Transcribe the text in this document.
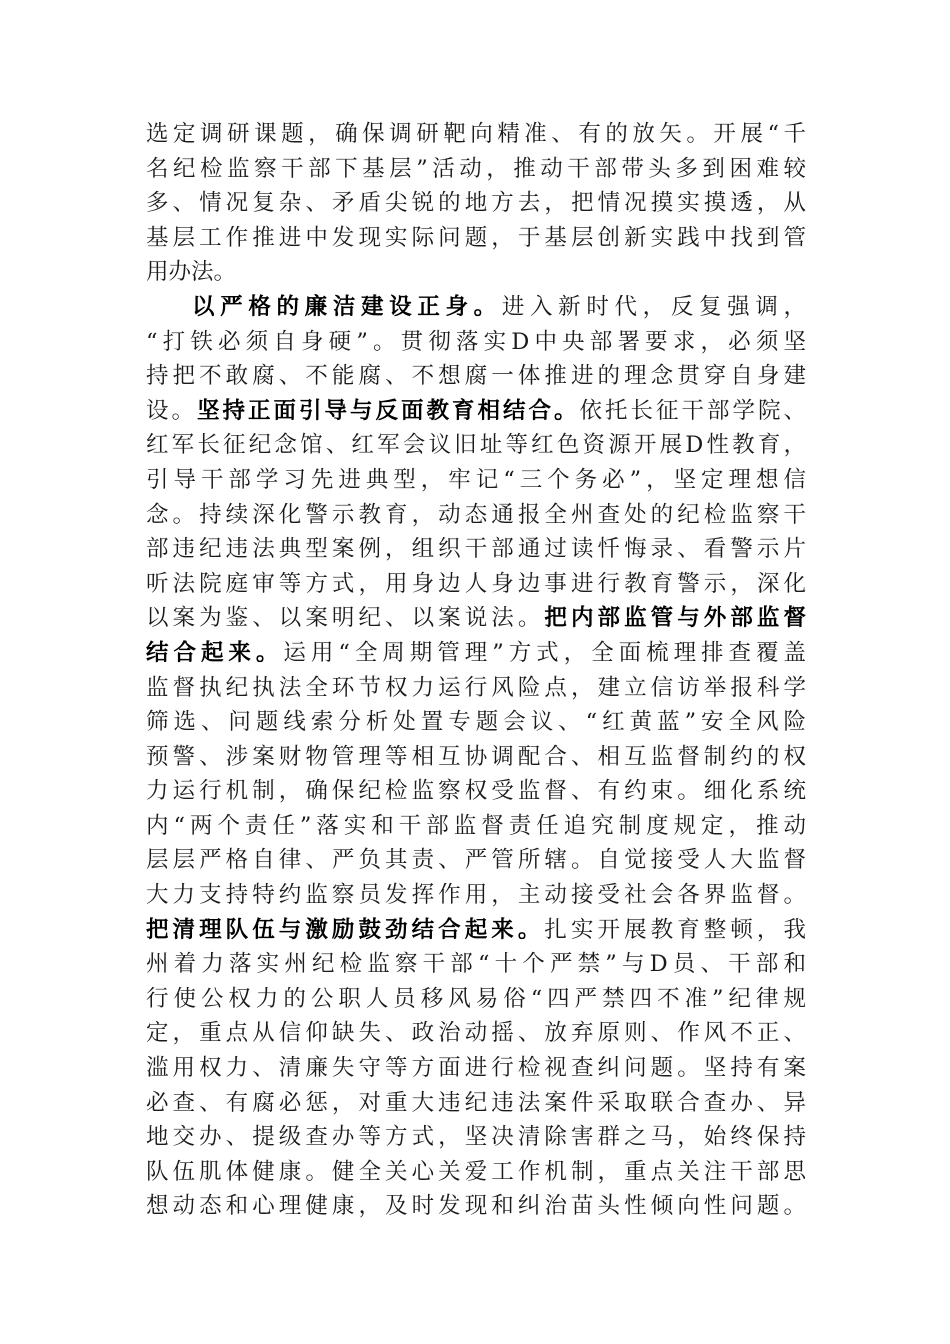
选定调研课题，确保调研靶向精准、有的放矢。开展“千
名纪检监察干部下基层”活动，推动干部带头多到困难较
多、情况复杂、矛盾尖锐的地方去，把情况摸实摸透，从
基层工作推进中发现实际问题，于基层创新实践中找到管
用办法。
以严格的廉洁建设正身。进入新时代，反复强调，
“打铁必须自身硬”。贯彻落实D中央部署要求，必须坚
持把不敢腐、不能腐、不想腐一体推进的理念贯穿自身建
设。坚持正面引导与反面教育相结合。依托长征干部学院、
红军长征纪念馆、红军会议旧址等红色资源开展D性教育，
引导干部学习先进典型，牢记“三个务必”，坚定理想信
念。持续深化警示教育，动态通报全州查处的纪检监察干
部违纪违法典型案例，组织干部通过读忏悔录、看警示片
听法院庭审等方式，用身边人身边事进行教育警示，深化
以案为鉴、以案明纪、以案说法。把内部监管与外部监督
结合起来。运用“全周期管理”方式，全面梳理排查覆盖
监督执纪执法全环节权力运行风险点，建立信访举报科学
筛选、问题线索分析处置专题会议、“红黄蓝”安全风险
预警、涉案财物管理等相互协调配合、相互监督制约的权
力运行机制，确保纪检监察权受监督、有约束。细化系统
内“两个责任”落实和干部监督责任追究制度规定，推动
层层严格自律、严负其责、严管所辖。自觉接受人大监督
大力支持特约监察员发挥作用，主动接受社会各界监督。
把清理队伍与激励鼓劲结合起来。扎实开展教育整顿，我
州着力落实州纪检监察干部“十个严禁”与D员、干部和
行使公权力的公职人员移风易俗“四严禁四不准”纪律规
定，重点从信仰缺失、政治动摇、放弃原则、作风不正、
滥用权力、清廉失守等方面进行检视查纠问题。坚持有案
必查、有腐必惩，对重大违纪违法案件采取联合查办、异
地交办、提级查办等方式，坚决清除害群之马，始终保持
队伍肌体健康。健全关心关爱工作机制，重点关注干部思
想动态和心理健康，及时发现和纠治苗头性倾向性问题。
